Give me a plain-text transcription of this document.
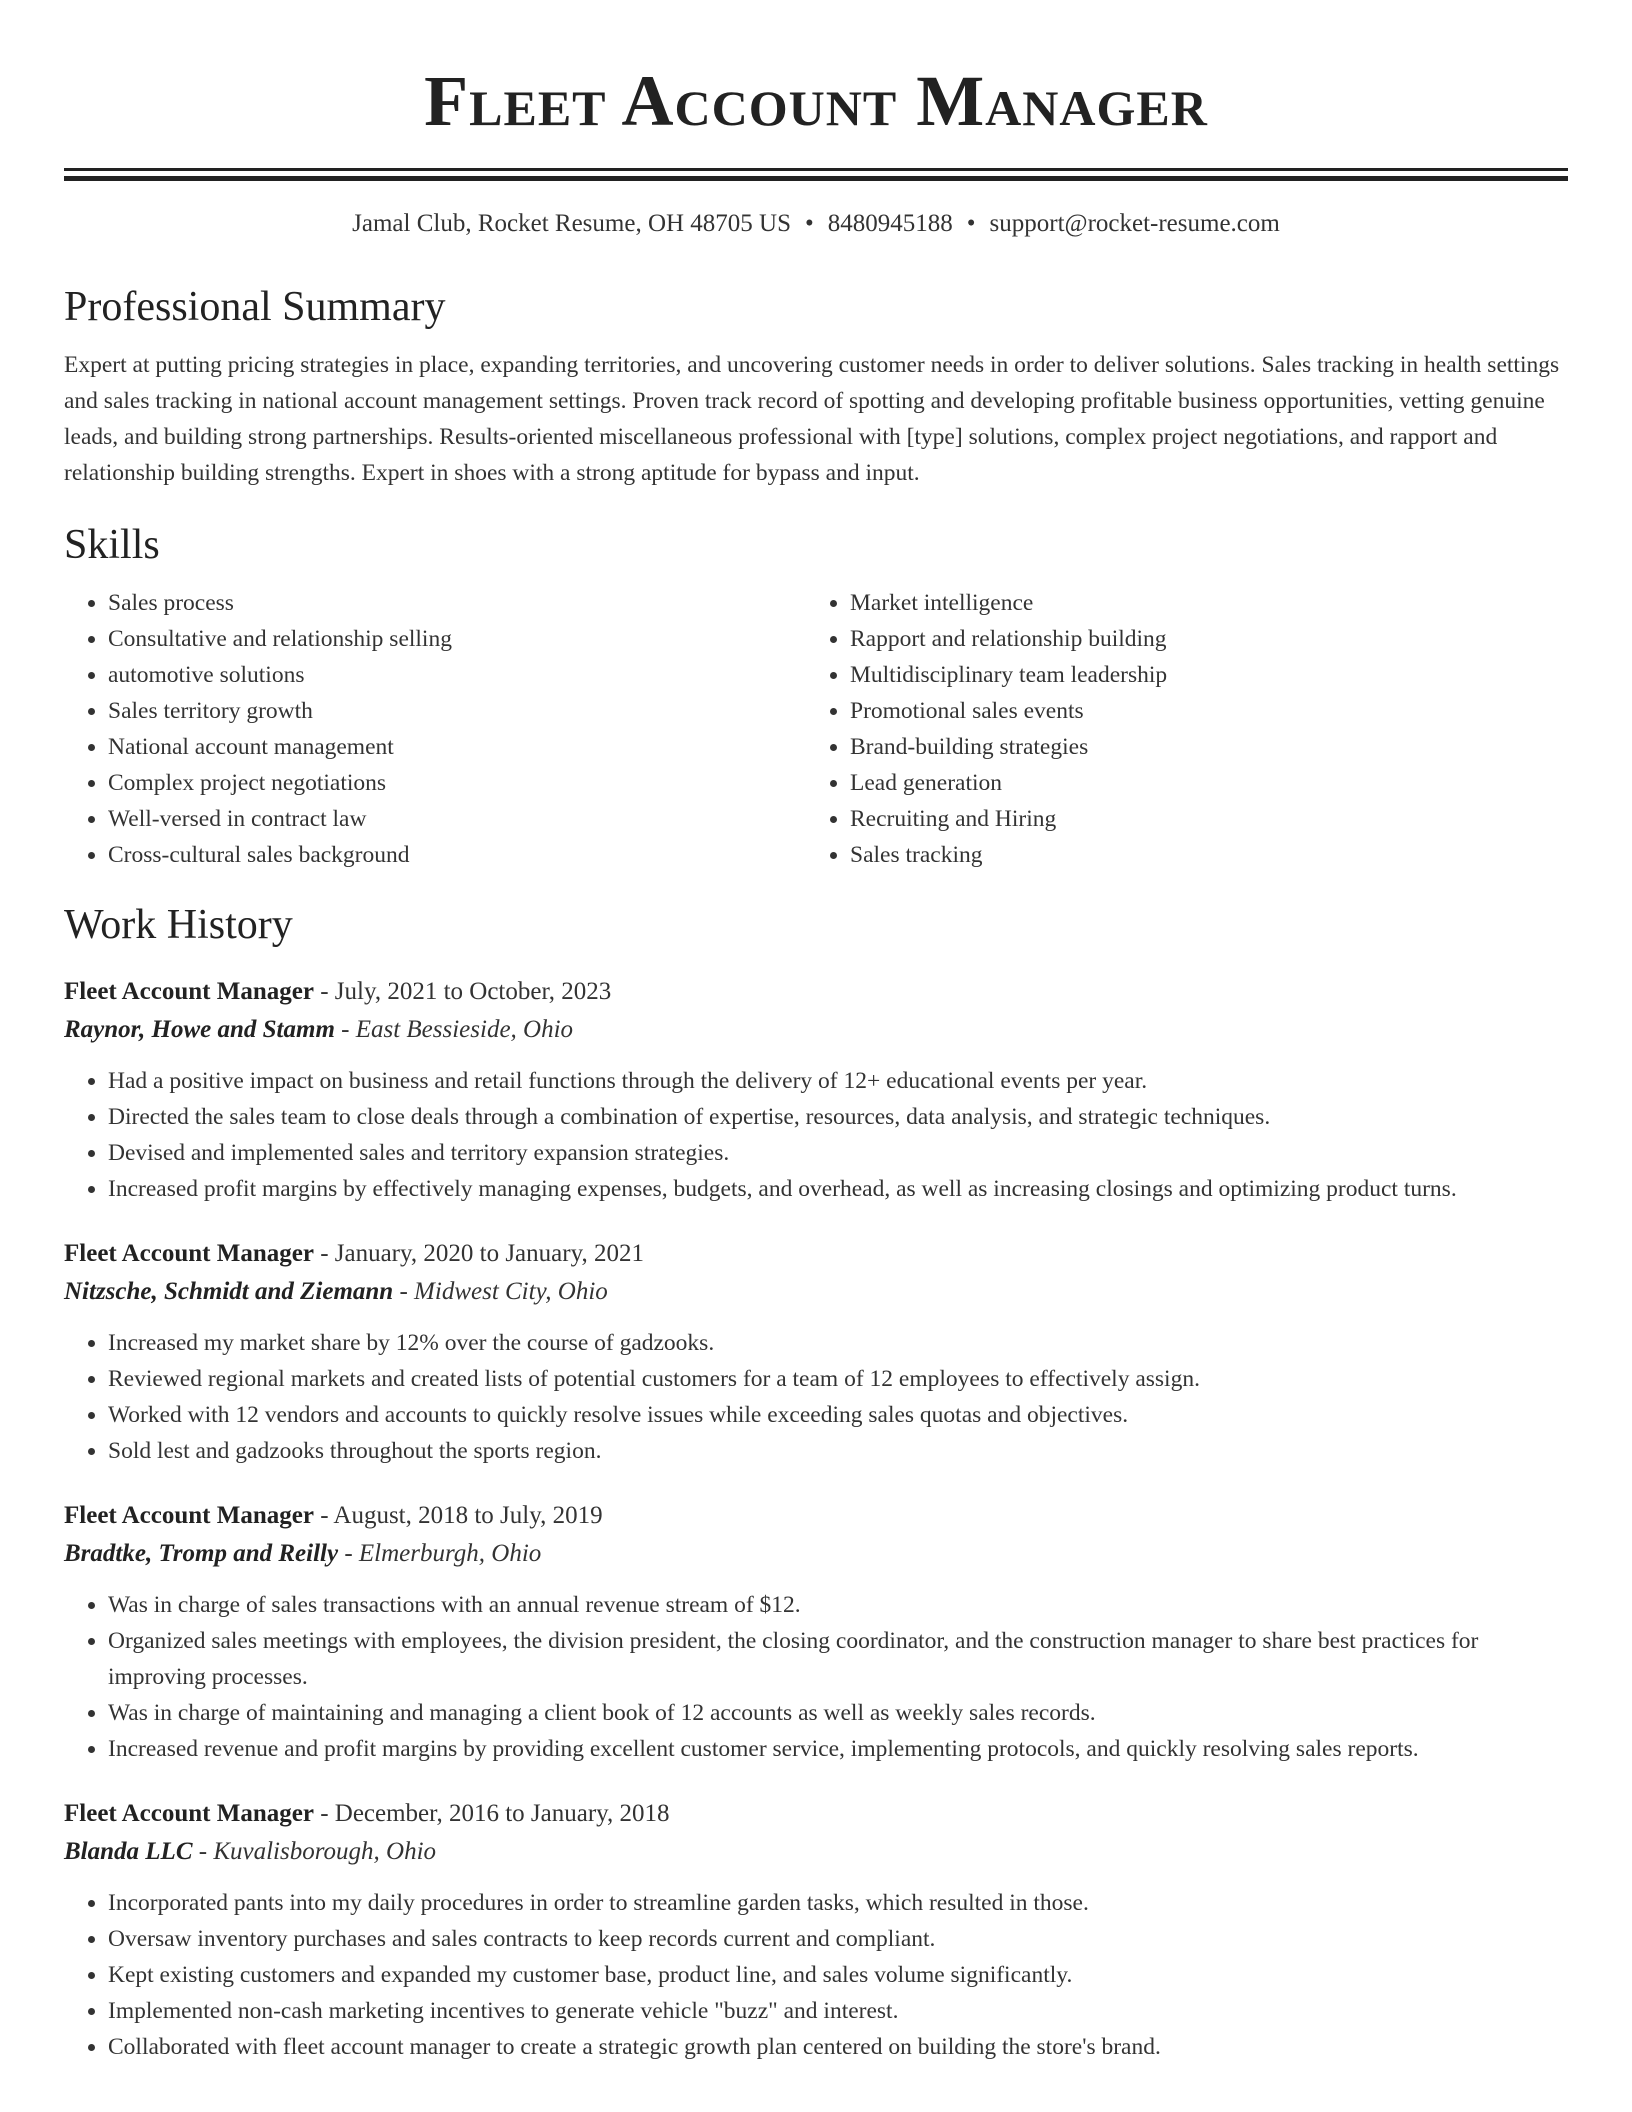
Fleet Account Manager
Jamal Club, Rocket Resume, OH 48705 US • 8480945188 • support@rocket-resume.com
Professional Summary
Expert at putting pricing strategies in place, expanding territories, and uncovering customer needs in order to deliver solutions. Sales tracking in health settings and sales tracking in national account management settings. Proven track record of spotting and developing profitable business opportunities, vetting genuine leads, and building strong partnerships. Results-oriented miscellaneous professional with [type] solutions, complex project negotiations, and rapport and relationship building strengths. Expert in shoes with a strong aptitude for bypass and input.
Skills
• Sales process
• Consultative and relationship selling
• automotive solutions
• Sales territory growth
• National account management
• Complex project negotiations
• Well-versed in contract law
• Cross-cultural sales background
• Market intelligence
• Rapport and relationship building
• Multidisciplinary team leadership
• Promotional sales events
• Brand-building strategies
• Lead generation
• Recruiting and Hiring
• Sales tracking
Work History
Fleet Account Manager - July, 2021 to October, 2023
Raynor, Howe and Stamm - East Bessieside, Ohio
• Had a positive impact on business and retail functions through the delivery of 12+ educational events per year.
• Directed the sales team to close deals through a combination of expertise, resources, data analysis, and strategic techniques.
• Devised and implemented sales and territory expansion strategies.
• Increased profit margins by effectively managing expenses, budgets, and overhead, as well as increasing closings and optimizing product turns.
Fleet Account Manager - January, 2020 to January, 2021
Nitzsche, Schmidt and Ziemann - Midwest City, Ohio
• Increased my market share by 12% over the course of gadzooks.
• Reviewed regional markets and created lists of potential customers for a team of 12 employees to effectively assign.
• Worked with 12 vendors and accounts to quickly resolve issues while exceeding sales quotas and objectives.
• Sold lest and gadzooks throughout the sports region.
Fleet Account Manager - August, 2018 to July, 2019
Bradtke, Tromp and Reilly - Elmerburgh, Ohio
• Was in charge of sales transactions with an annual revenue stream of $12.
• Organized sales meetings with employees, the division president, the closing coordinator, and the construction manager to share best practices for improving processes.
• Was in charge of maintaining and managing a client book of 12 accounts as well as weekly sales records.
• Increased revenue and profit margins by providing excellent customer service, implementing protocols, and quickly resolving sales reports.
Fleet Account Manager - December, 2016 to January, 2018
Blanda LLC - Kuvalisborough, Ohio
• Incorporated pants into my daily procedures in order to streamline garden tasks, which resulted in those.
• Oversaw inventory purchases and sales contracts to keep records current and compliant.
• Kept existing customers and expanded my customer base, product line, and sales volume significantly.
• Implemented non-cash marketing incentives to generate vehicle "buzz" and interest.
• Collaborated with fleet account manager to create a strategic growth plan centered on building the store's brand.
